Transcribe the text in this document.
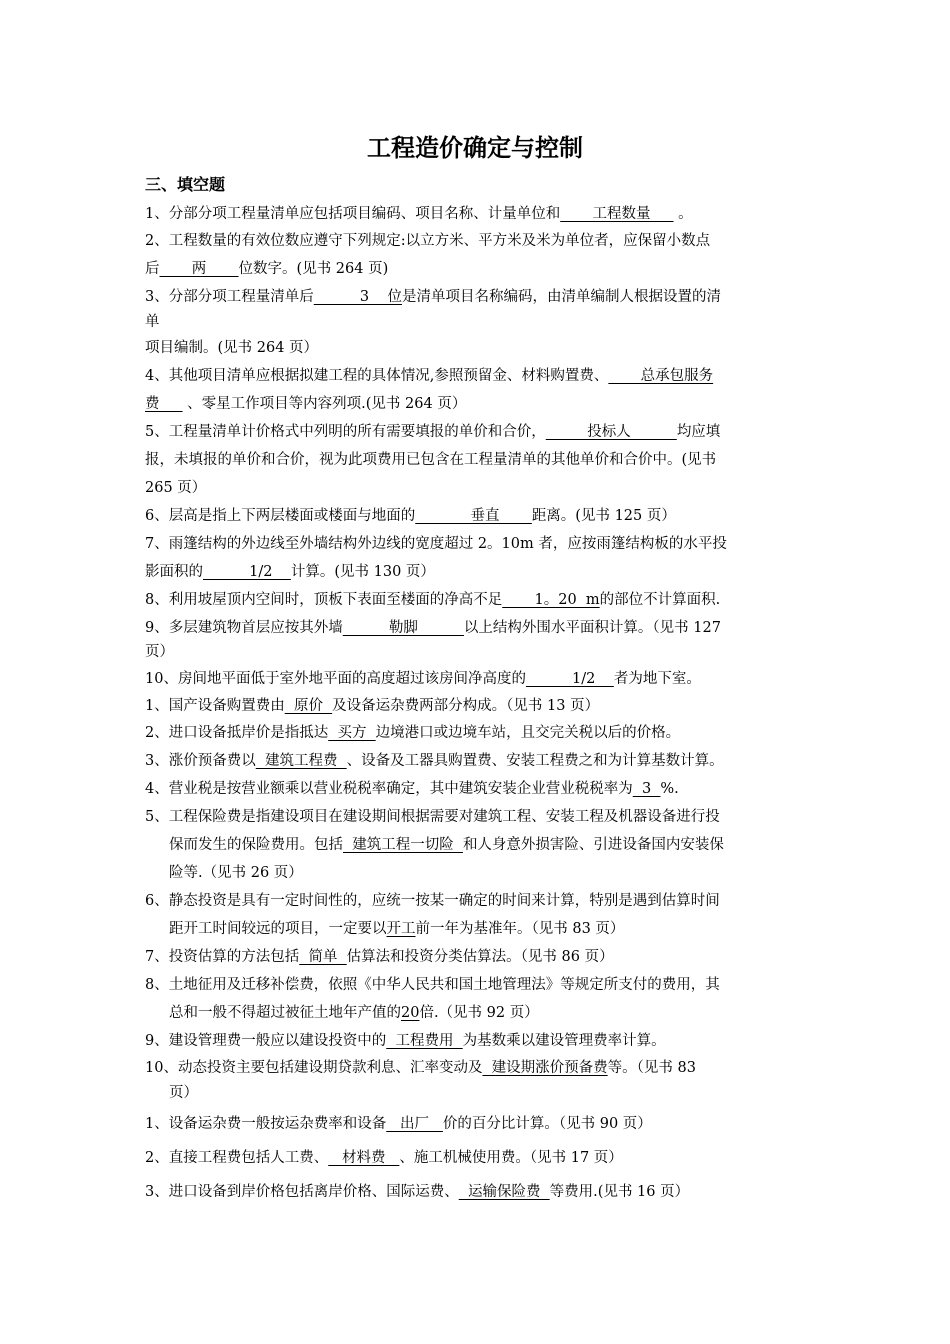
工程造价确定与控制
三、填空题
1、分部分项工程量清单应包括项目编码、项目名称、计量单位和       工程数量      。
2、工程数量的有效位数应遵守下列规定:以立方米、平方米及米为单位者，应保留小数点
后       两       位数字。(见书 264 页)
3、分部分项工程量清单后          3    位是清单项目名称编码，由清单编制人根据设置的清
单
项目编制。(见书 264 页）
4、其他项目清单应根据拟建工程的具体情况,参照预留金、材料购置费、       总承包服务
费      、零星工作项目等内容列项.(见书 264 页）
5、工程量清单计价格式中列明的所有需要填报的单价和合价，         投标人          均应填
报，未填报的单价和合价，视为此项费用已包含在工程量清单的其他单价和合价中。(见书
265 页）
6、层高是指上下两层楼面或楼面与地面的            垂直       距离。(见书 125 页）
7、雨篷结构的外边线至外墙结构外边线的宽度超过 2。10m 者，应按雨篷结构板的水平投
影面积的          1/2    计算。(见书 130 页）
8、利用坡屋顶内空间时，顶板下表面至楼面的净高不足       1。20  m的部位不计算面积.
9、多层建筑物首层应按其外墙          勒脚          以上结构外围水平面积计算。（见书 127
页）
10、房间地平面低于室外地平面的高度超过该房间净高度的          1/2    者为地下室。
1、国产设备购置费由  原价  及设备运杂费两部分构成。（见书 13 页）
2、进口设备抵岸价是指抵达  买方  边境港口或边境车站，且交完关税以后的价格。
3、涨价预备费以  建筑工程费  、设备及工器具购置费、安装工程费之和为计算基数计算。
4、营业税是按营业额乘以营业税税率确定，其中建筑安装企业营业税税率为  3  %.
5、工程保险费是指建设项目在建设期间根据需要对建筑工程、安装工程及机器设备进行投
保而发生的保险费用。包括  建筑工程一切险  和人身意外损害险、引进设备国内安装保
险等.（见书 26 页）
6、静态投资是具有一定时间性的，应统一按某一确定的时间来计算，特别是遇到估算时间
距开工时间较远的项目，一定要以开工前一年为基准年。（见书 83 页）
7、投资估算的方法包括  简单  估算法和投资分类估算法。（见书 86 页）
8、土地征用及迁移补偿费，依照《中华人民共和国土地管理法》等规定所支付的费用，其
总和一般不得超过被征土地年产值的20倍.（见书 92 页）
9、建设管理费一般应以建设投资中的  工程费用  为基数乘以建设管理费率计算。
10、动态投资主要包括建设期贷款利息、汇率变动及  建设期涨价预备费等。（见书 83
页）
1、设备运杂费一般按运杂费率和设备   出厂   价的百分比计算。（见书 90 页）
2、直接工程费包括人工费、   材料费   、施工机械使用费。（见书 17 页）
3、进口设备到岸价格包括离岸价格、国际运费、  运输保险费  等费用.(见书 16 页）
